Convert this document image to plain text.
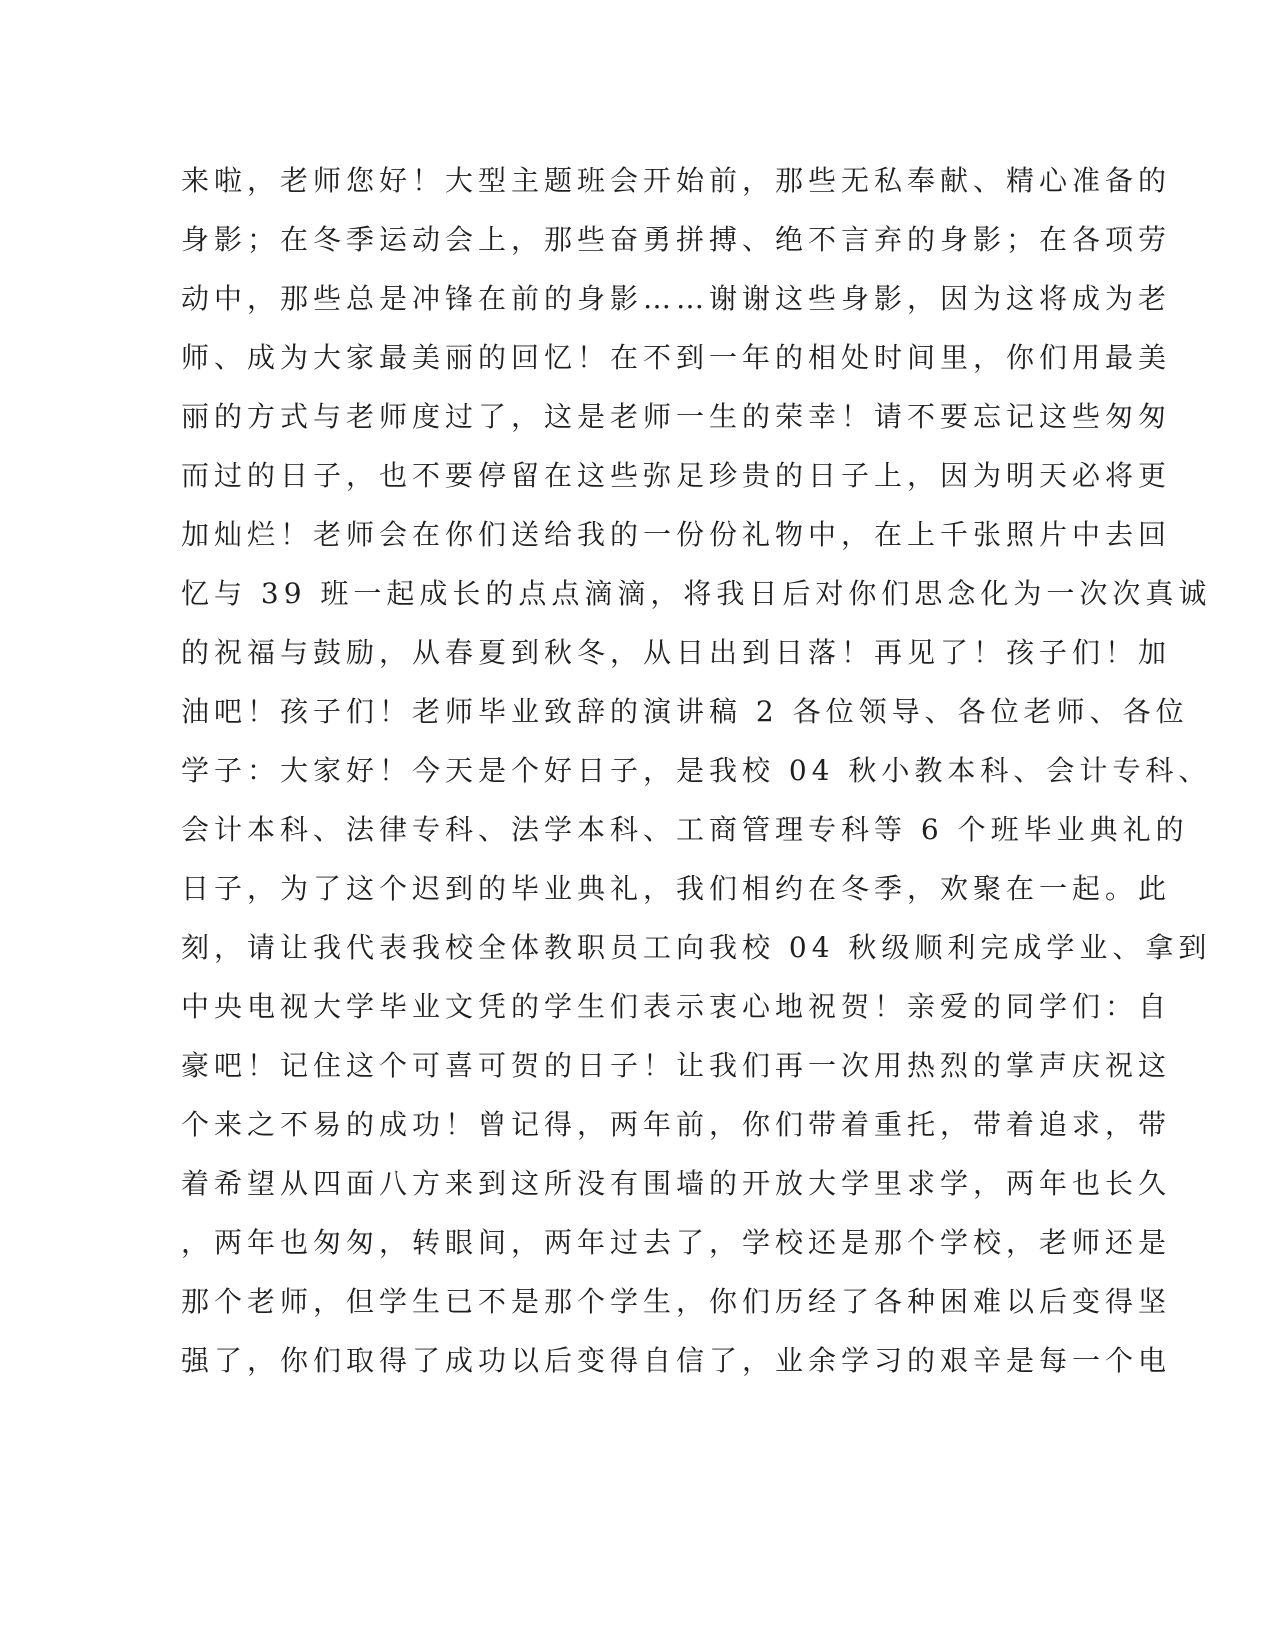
来啦，老师您好！大型主题班会开始前，那些无私奉献、精心准备的
身影；在冬季运动会上，那些奋勇拼搏、绝不言弃的身影；在各项劳
动中，那些总是冲锋在前的身影……谢谢这些身影，因为这将成为老
师、成为大家最美丽的回忆！在不到一年的相处时间里，你们用最美
丽的方式与老师度过了，这是老师一生的荣幸！请不要忘记这些匆匆
而过的日子，也不要停留在这些弥足珍贵的日子上，因为明天必将更
加灿烂！老师会在你们送给我的一份份礼物中，在上千张照片中去回
忆与 39 班一起成长的点点滴滴，将我日后对你们思念化为一次次真诚
的祝福与鼓励，从春夏到秋冬，从日出到日落！再见了！孩子们！加
油吧！孩子们！老师毕业致辞的演讲稿 2 各位领导、各位老师、各位
学子：大家好！今天是个好日子，是我校 04 秋小教本科、会计专科、
会计本科、法律专科、法学本科、工商管理专科等 6 个班毕业典礼的
日子，为了这个迟到的毕业典礼，我们相约在冬季，欢聚在一起。此
刻，请让我代表我校全体教职员工向我校 04 秋级顺利完成学业、拿到
中央电视大学毕业文凭的学生们表示衷心地祝贺！亲爱的同学们：自
豪吧！记住这个可喜可贺的日子！让我们再一次用热烈的掌声庆祝这
个来之不易的成功！曾记得，两年前，你们带着重托，带着追求，带
着希望从四面八方来到这所没有围墙的开放大学里求学，两年也长久
，两年也匆匆，转眼间，两年过去了，学校还是那个学校，老师还是
那个老师，但学生已不是那个学生，你们历经了各种困难以后变得坚
强了，你们取得了成功以后变得自信了，业余学习的艰辛是每一个电
